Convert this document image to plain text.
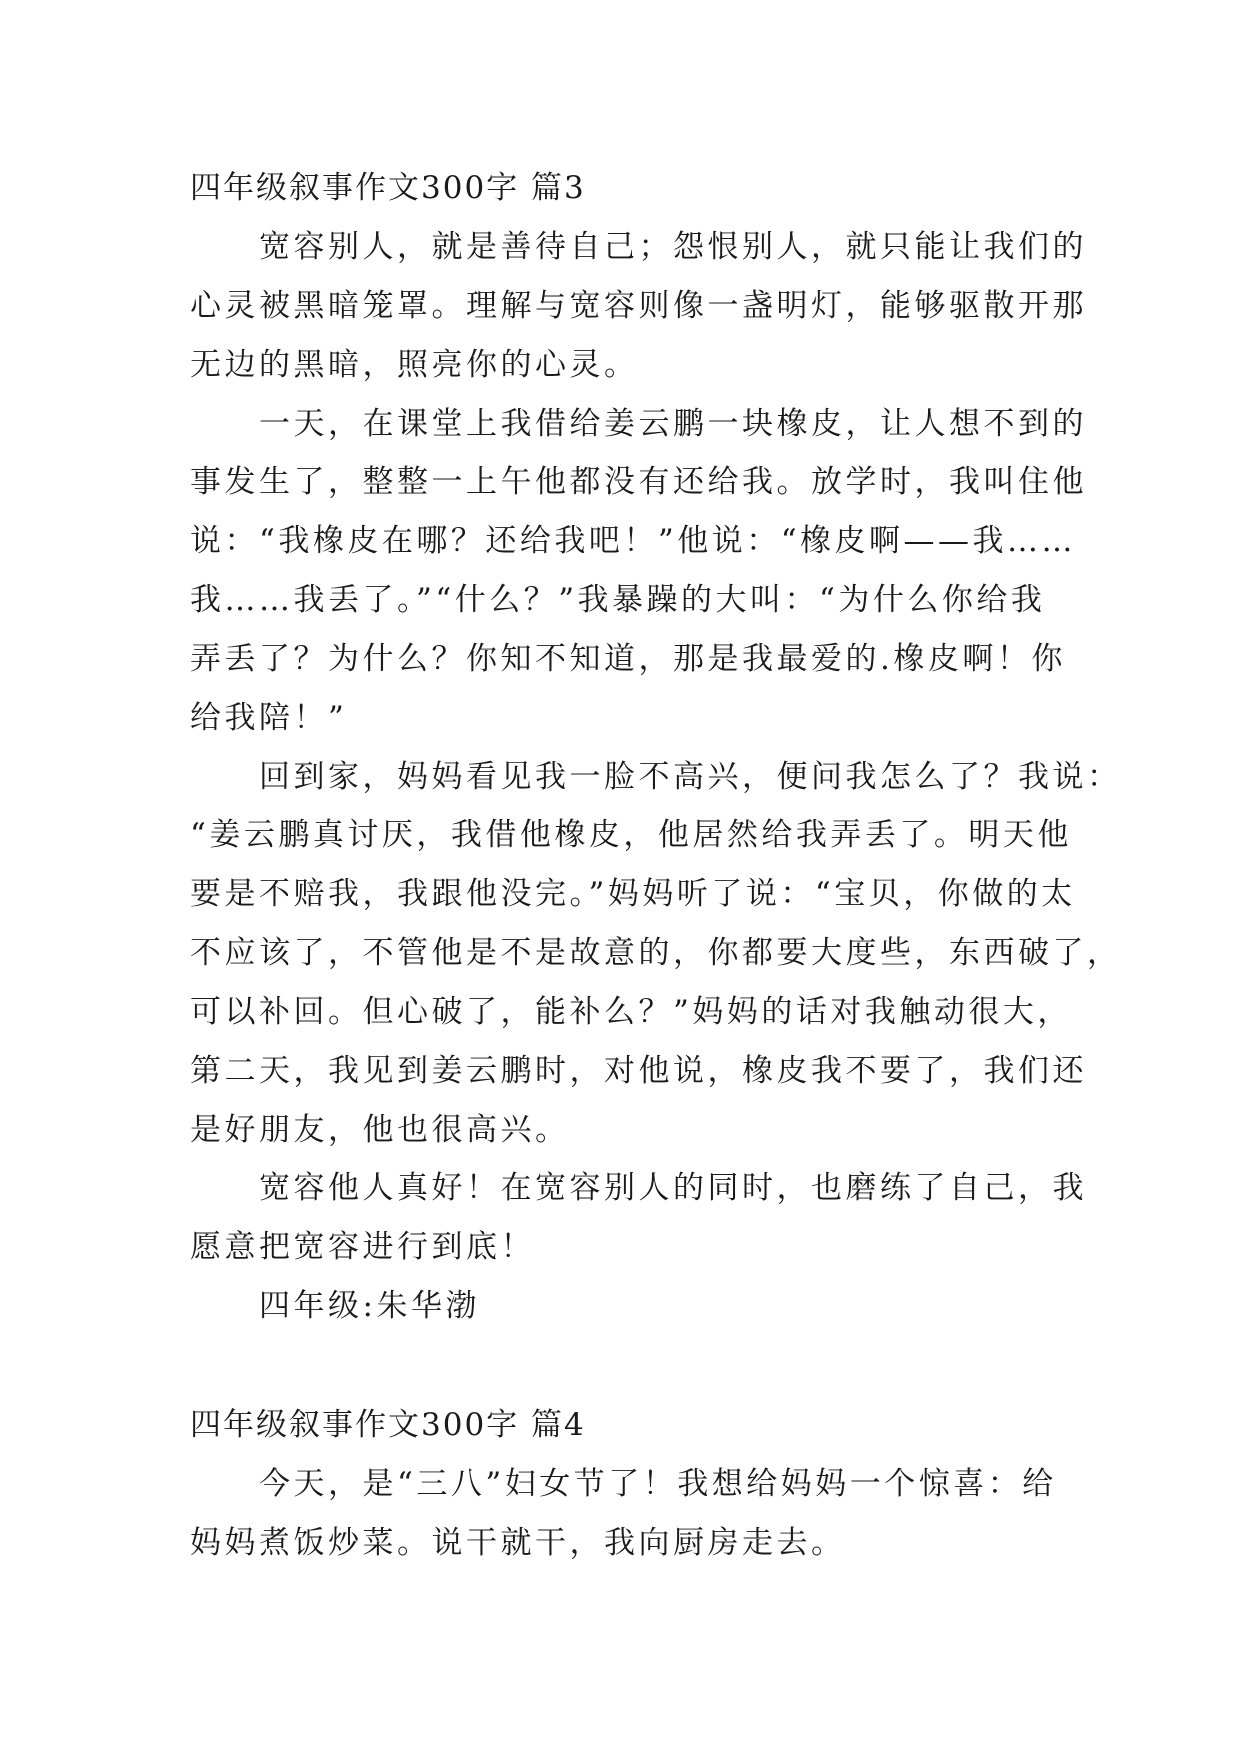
四年级叙事作文300字 篇3
　　宽容别人，就是善待自己；怨恨别人，就只能让我们的
心灵被黑暗笼罩。理解与宽容则像一盏明灯，能够驱散开那
无边的黑暗，照亮你的心灵。
　　一天，在课堂上我借给姜云鹏一块橡皮，让人想不到的
事发生了，整整一上午他都没有还给我。放学时，我叫住他
说：“我橡皮在哪？还给我吧！”他说：“橡皮啊——我……
我……我丢了。”“什么？”我暴躁的大叫：“为什么你给我
弄丢了？为什么？你知不知道，那是我最爱的.橡皮啊！你
给我陪！”
　　回到家，妈妈看见我一脸不高兴，便问我怎么了？我说：
“姜云鹏真讨厌，我借他橡皮，他居然给我弄丢了。明天他
要是不赔我，我跟他没完。”妈妈听了说：“宝贝，你做的太
不应该了，不管他是不是故意的，你都要大度些，东西破了，
可以补回。但心破了，能补么？”妈妈的话对我触动很大，
第二天，我见到姜云鹏时，对他说，橡皮我不要了，我们还
是好朋友，他也很高兴。
　　宽容他人真好！在宽容别人的同时，也磨练了自己，我
愿意把宽容进行到底！
　　四年级:朱华渤
四年级叙事作文300字 篇4
　　今天，是“三八”妇女节了！我想给妈妈一个惊喜：给
妈妈煮饭炒菜。说干就干，我向厨房走去。
